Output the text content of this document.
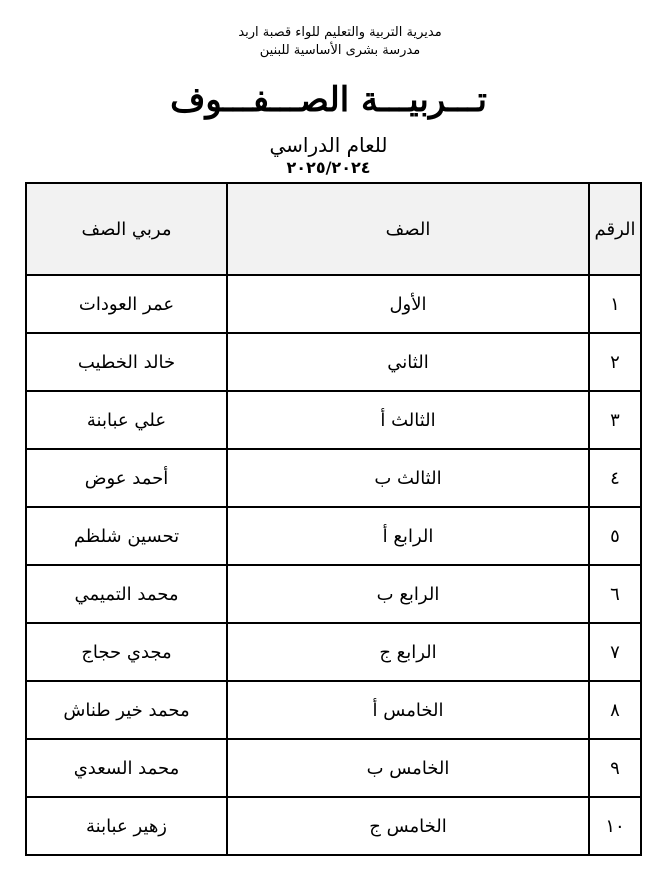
مديرية التربية والتعليم للواء قصبة اربد
مدرسة بشرى الأساسية للبنين
تـــربيـــة الصـــفـــوف
للعام الدراسي
٢٠٢٥/٢٠٢٤
الرقم	الصف	مربي الصف
١	الأول	عمر العودات
٢	الثاني	خالد الخطيب
٣	الثالث أ	علي عبابنة
٤	الثالث ب	أحمد عوض
٥	الرابع أ	تحسين شلظم
٦	الرابع ب	محمد التميمي
٧	الرابع ج	مجدي حجاج
٨	الخامس أ	محمد خير طناش
٩	الخامس ب	محمد السعدي
١٠	الخامس ج	زهير عبابنة
